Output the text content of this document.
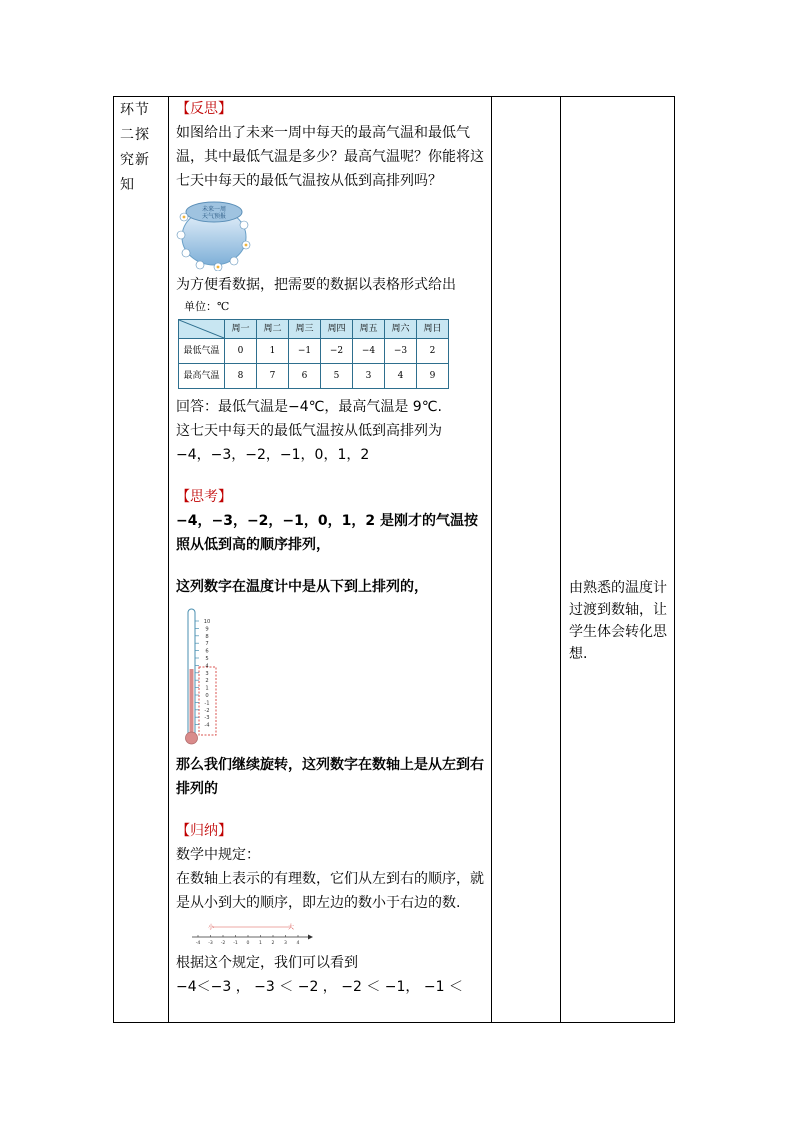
环节二探究新知

【反思】

如图给出了未来一周中每天的最高气温和最低气温，其中最低气温是多少？最高气温呢？你能将这七天中每天的最低气温按从低到高排列吗？

未来一周
天气预报

为方便看数据，把需要的数据以表格形式给出

单位：℃
	周一	周二	周三	周四	周五	周六	周日
最低气温	0	1	−1	−2	−4	−3	2
最高气温	8	7	6	5	3	4	9

回答：最低气温是−4℃，最高气温是 9℃.

这七天中每天的最低气温按从低到高排列为

−4，−3，−2，−1，0，1，2

【思考】

−4，−3，−2，−1，0，1，2 是刚才的气温按照从低到高的顺序排列，

这列数字在温度计中是从下到上排列的，

10
9
8
7
6
5
4
3
2
1
0
-1
-2
-3
-4

那么我们继续旋转，这列数字在数轴上是从左到右排列的

【归纳】

数学中规定：

在数轴上表示的有理数，它们从左到右的顺序，就是从小到大的顺序，即左边的数小于右边的数.

小	大
-4 -3 -2 -1 0 1 2 3 4

根据这个规定，我们可以看到

−4＜−3 ， −3 ＜ −2 ， −2 ＜ −1， −1 ＜

由熟悉的温度计过渡到数轴，让学生体会转化思想.
